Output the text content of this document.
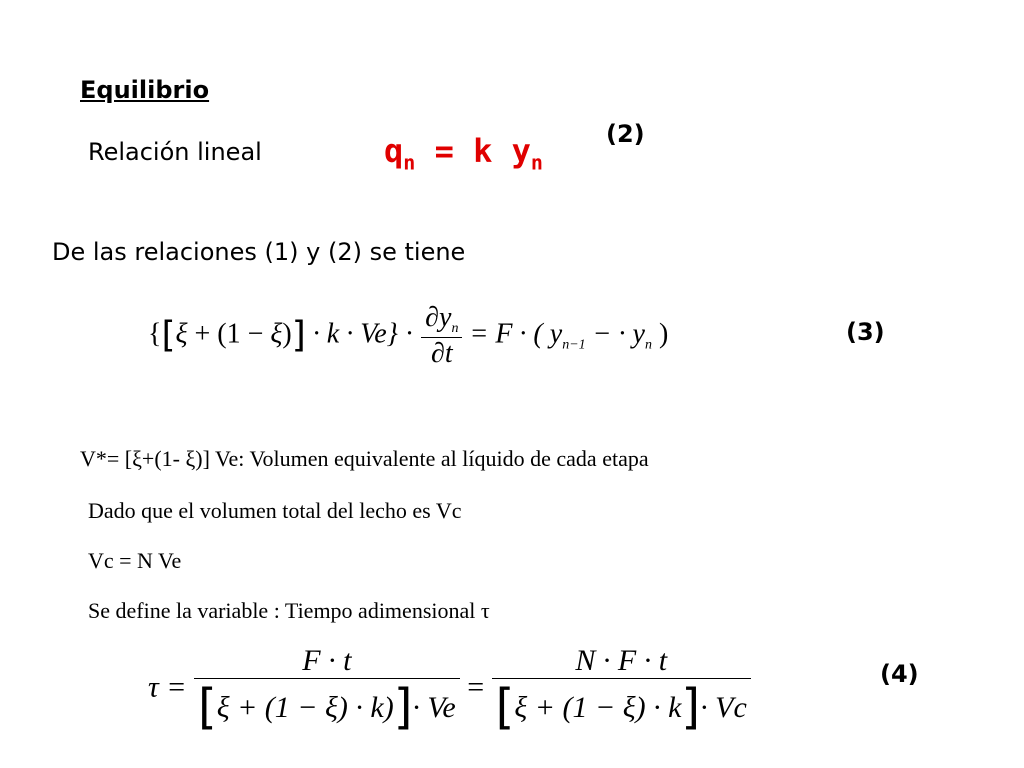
Equilibrio
Relación lineal	$q_n = k$ $y_n$
(2)
De las relaciones (1) y (2) se tiene
$\{[\xi + (1 - \xi)] \cdot k \cdot Ve\} \cdot \frac{\partial y_n}{\partial t} = F$ · ( $y_{n-1}$ − · $y_n$ )	(3)
V*= [ξ+(1- ξ)] Ve: Volumen equivalente al líquido de cada etapa
Dado que el volumen total del lecho es Vc
Vc = N Ve
Se define la variable : Tiempo adimensional τ
$\tau = \frac{F \cdot t}{[\xi + (1 - \xi) \cdot k)]\cdot Ve} = \frac{N \cdot F \cdot t}{[\xi + (1 - \xi) \cdot k]\cdot Vc}$	(4)
